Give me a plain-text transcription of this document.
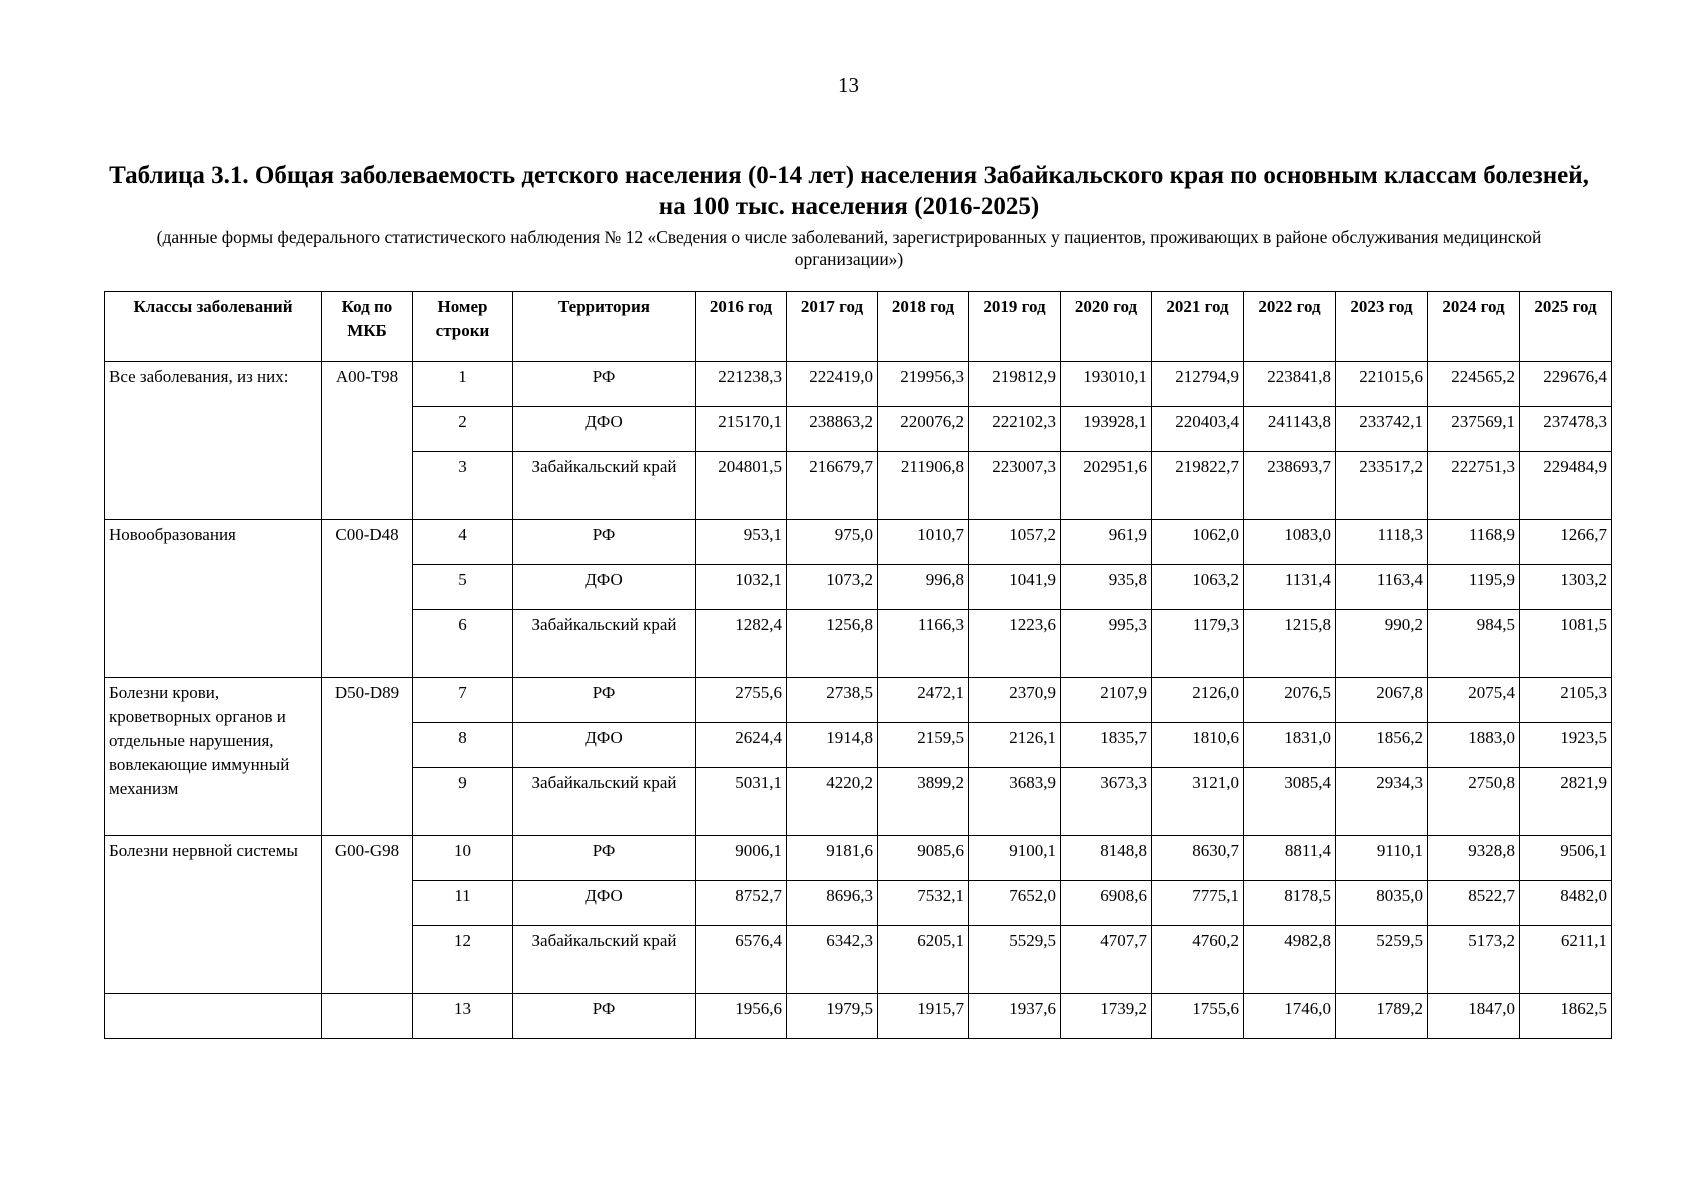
13
Таблица 3.1. Общая заболеваемость детского населения (0-14 лет) населения Забайкальского края по основным классам болезней, на 100 тыс. населения (2016-2025)
(данные формы федерального статистического наблюдения № 12 «Сведения о числе заболеваний, зарегистрированных у пациентов, проживающих в районе обслуживания медицинской организации»)
Классы заболеваний	Код по МКБ	Номер строки	Территория	2016 год	2017 год	2018 год	2019 год	2020 год	2021 год	2022 год	2023 год	2024 год	2025 год
Все заболевания, из них:	A00-T98	1	РФ	221238,3	222419,0	219956,3	219812,9	193010,1	212794,9	223841,8	221015,6	224565,2	229676,4
		2	ДФО	215170,1	238863,2	220076,2	222102,3	193928,1	220403,4	241143,8	233742,1	237569,1	237478,3
		3	Забайкальский край	204801,5	216679,7	211906,8	223007,3	202951,6	219822,7	238693,7	233517,2	222751,3	229484,9
Новообразования	C00-D48	4	РФ	953,1	975,0	1010,7	1057,2	961,9	1062,0	1083,0	1118,3	1168,9	1266,7
		5	ДФО	1032,1	1073,2	996,8	1041,9	935,8	1063,2	1131,4	1163,4	1195,9	1303,2
		6	Забайкальский край	1282,4	1256,8	1166,3	1223,6	995,3	1179,3	1215,8	990,2	984,5	1081,5
Болезни крови, кроветворных органов и отдельные нарушения, вовлекающие иммунный механизм	D50-D89	7	РФ	2755,6	2738,5	2472,1	2370,9	2107,9	2126,0	2076,5	2067,8	2075,4	2105,3
		8	ДФО	2624,4	1914,8	2159,5	2126,1	1835,7	1810,6	1831,0	1856,2	1883,0	1923,5
		9	Забайкальский край	5031,1	4220,2	3899,2	3683,9	3673,3	3121,0	3085,4	2934,3	2750,8	2821,9
Болезни нервной системы	G00-G98	10	РФ	9006,1	9181,6	9085,6	9100,1	8148,8	8630,7	8811,4	9110,1	9328,8	9506,1
		11	ДФО	8752,7	8696,3	7532,1	7652,0	6908,6	7775,1	8178,5	8035,0	8522,7	8482,0
		12	Забайкальский край	6576,4	6342,3	6205,1	5529,5	4707,7	4760,2	4982,8	5259,5	5173,2	6211,1
		13	РФ	1956,6	1979,5	1915,7	1937,6	1739,2	1755,6	1746,0	1789,2	1847,0	1862,5
